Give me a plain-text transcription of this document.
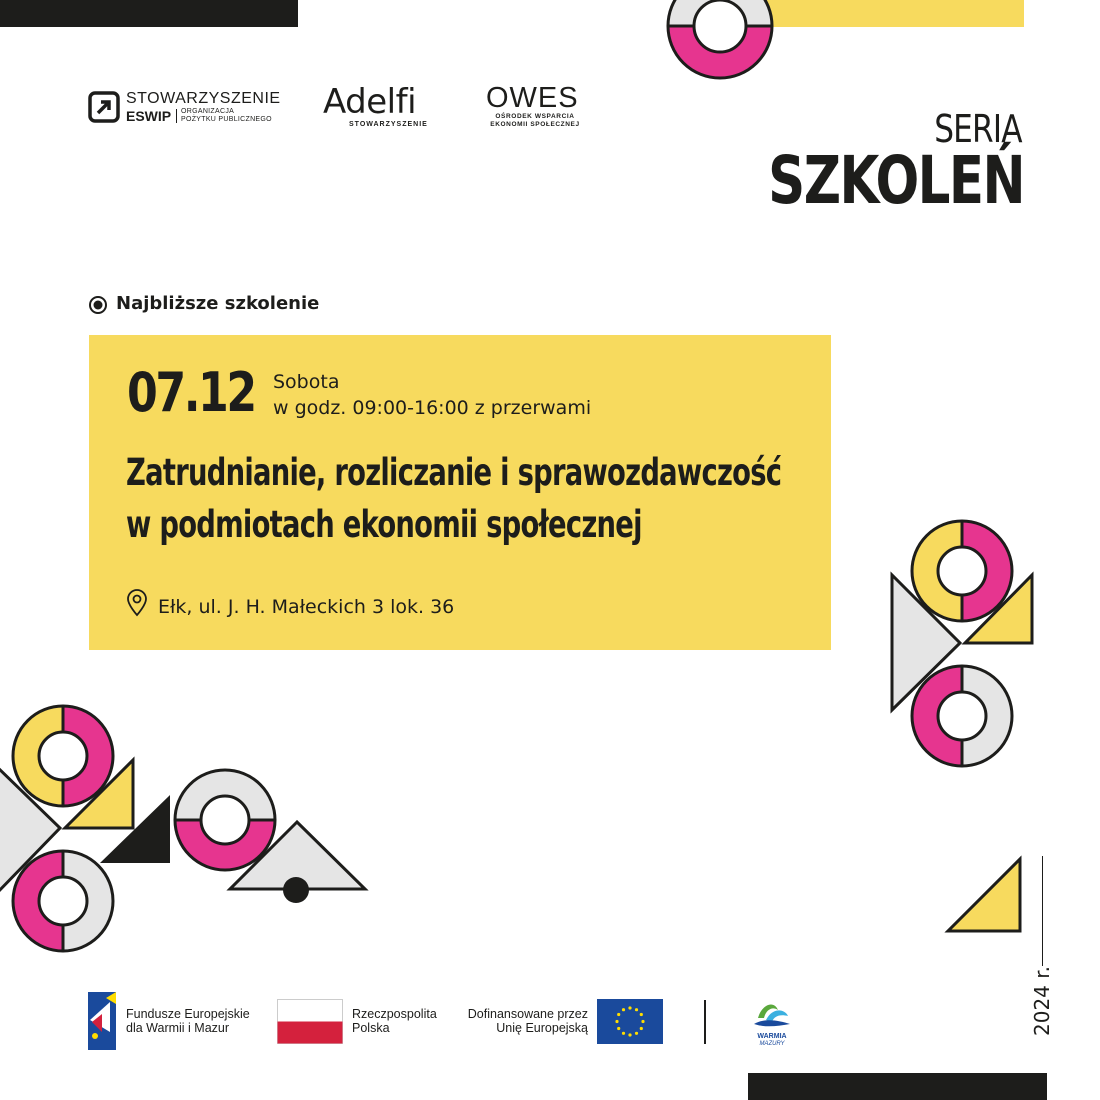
STOWARZYSZENIE
ESWIP ORGANIZACJA
POŻYTKU PUBLICZNEGO Adelfi
STOWARZYSZENIE
OWES
OŚRODEK WSPARCIA
EKONOMII SPOŁECZNEJ	SERIA
SZKOLEŃ
Najbliższe szkolenie
07.12 Sobota
w godz. 09:00-16:00 z przerwami
Zatrudnianie, rozliczanie i sprawozdawczość
w podmiotach ekonomii społecznej
Ełk, ul. J. H. Małeckich 3 lok. 36
2024 r.
Fundusze Europejskie
dla Warmii i Mazur
Rzeczpospolita
Polska
Dofinansowane przez
Unię Europejską
WARMIA
MAZURY
